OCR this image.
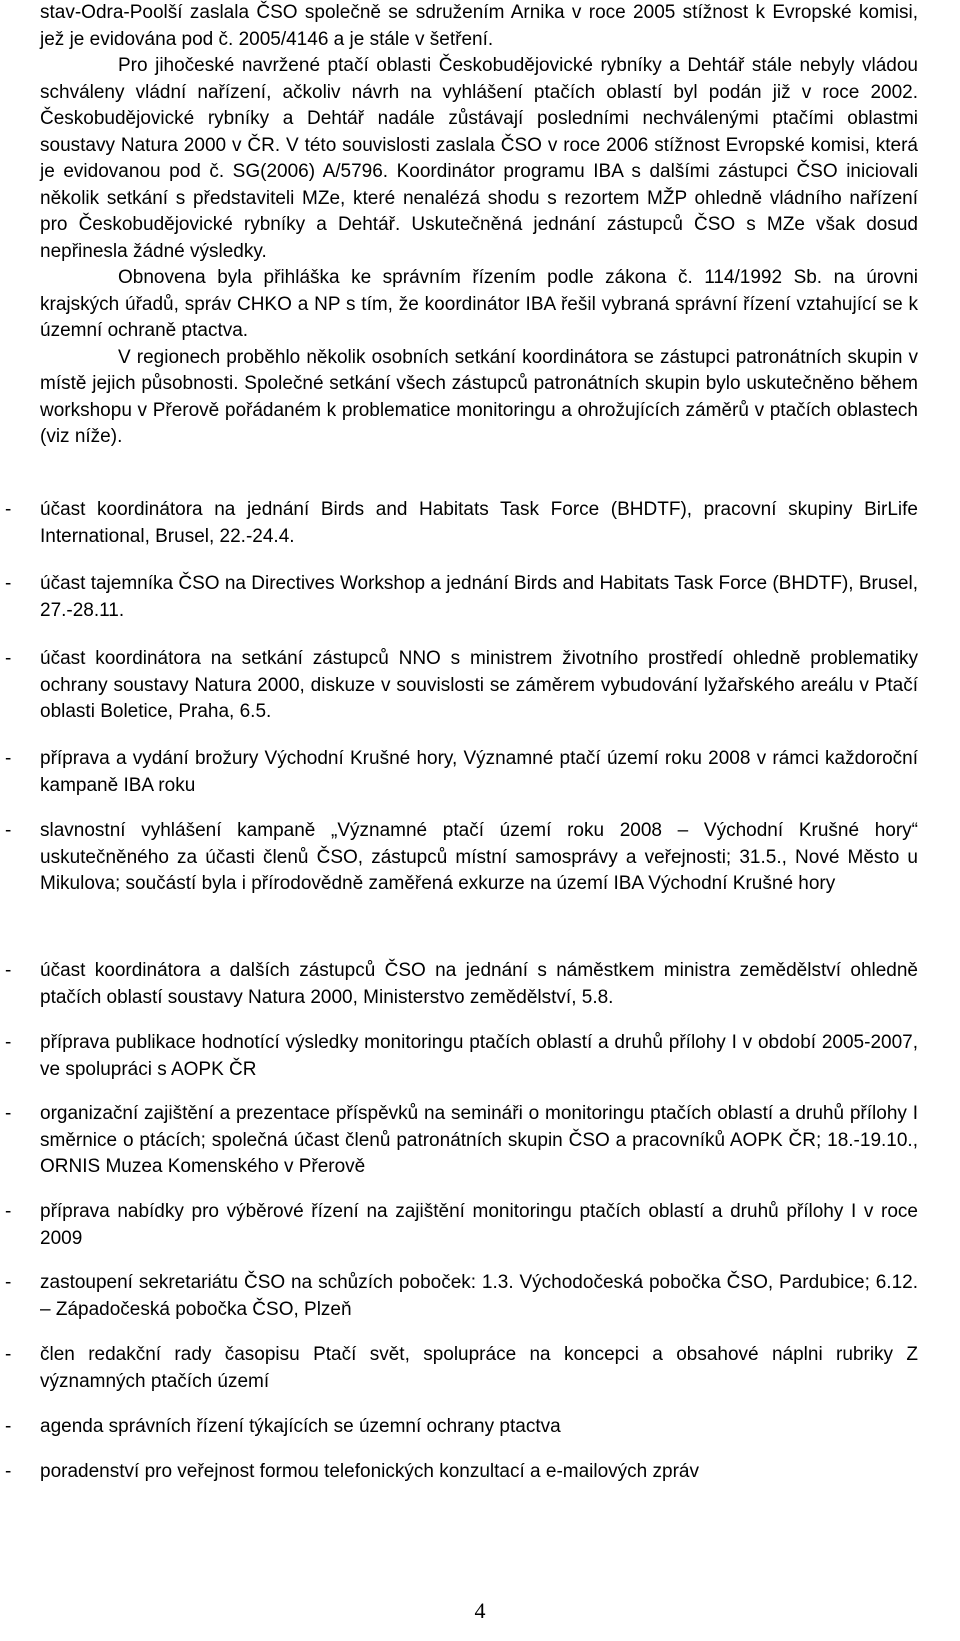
stav-Odra-Poolší zaslala ČSO společně se sdružením Arnika v roce 2005 stížnost k Evropské komisi, jež je evidována pod č. 2005/4146 a je stále v šetření.

Pro jihočeské navržené ptačí oblasti Českobudějovické rybníky a Dehtář stále nebyly vládou schváleny vládní nařízení, ačkoliv návrh na vyhlášení ptačích oblastí byl podán již v roce 2002. Českobudějovické rybníky a Dehtář nadále zůstávají posledními nechválenými ptačími oblastmi soustavy Natura 2000 v ČR. V této souvislosti zaslala ČSO v roce 2006 stížnost Evropské komisi, která je evidovanou pod č. SG(2006) A/5796. Koordinátor programu IBA s dalšími zástupci ČSO iniciovali několik setkání s představiteli MZe, které nenalézá shodu s rezortem MŽP ohledně vládního nařízení pro Českobudějovické rybníky a Dehtář. Uskutečněná jednání zástupců ČSO s MZe však dosud nepřinesla žádné výsledky.

Obnovena byla přihláška ke správním řízením podle zákona č. 114/1992 Sb. na úrovni krajských úřadů, správ CHKO a NP s tím, že koordinátor IBA řešil vybraná správní řízení vztahující se k územní ochraně ptactva.

V regionech proběhlo několik osobních setkání koordinátora se zástupci patronátních skupin v místě jejich působnosti. Společné setkání všech zástupců patronátních skupin bylo uskutečněno během workshopu v Přerově pořádaném k problematice monitoringu a ohrožujících záměrů v ptačích oblastech (viz níže).

-	účast koordinátora na jednání Birds and Habitats Task Force (BHDTF), pracovní skupiny BirLife International, Brusel, 22.-24.4.
-	účast tajemníka ČSO na Directives Workshop a jednání Birds and Habitats Task Force (BHDTF), Brusel, 27.-28.11.
-	účast koordinátora na setkání zástupců NNO s ministrem životního prostředí ohledně problematiky ochrany soustavy Natura 2000, diskuze v souvislosti se záměrem vybudování lyžařského areálu v Ptačí oblasti Boletice, Praha, 6.5.
-	příprava a vydání brožury Východní Krušné hory, Významné ptačí území roku 2008 v rámci každoroční kampaně IBA roku
-	slavnostní vyhlášení kampaně „Významné ptačí území roku 2008 – Východní Krušné hory“ uskutečněného za účasti členů ČSO, zástupců místní samosprávy a veřejnosti; 31.5., Nové Město u Mikulova; součástí byla i přírodovědně zaměřená exkurze na území IBA Východní Krušné hory
-	účast koordinátora a dalších zástupců ČSO na jednání s náměstkem ministra zemědělství ohledně ptačích oblastí soustavy Natura 2000, Ministerstvo zemědělství, 5.8.
-	příprava publikace hodnotící výsledky monitoringu ptačích oblastí a druhů přílohy I v období 2005-2007, ve spolupráci s AOPK ČR
-	organizační zajištění a prezentace příspěvků na semináři o monitoringu ptačích oblastí a druhů přílohy I směrnice o ptácích; společná účast členů patronátních skupin ČSO a pracovníků AOPK ČR; 18.-19.10., ORNIS Muzea Komenského v Přerově
-	příprava nabídky pro výběrové řízení na zajištění monitoringu ptačích oblastí a druhů přílohy I v roce 2009
-	zastoupení sekretariátu ČSO na schůzích poboček: 1.3. Východočeská pobočka ČSO, Pardubice; 6.12. – Západočeská pobočka ČSO, Plzeň
-	člen redakční rady časopisu Ptačí svět, spolupráce na koncepci a obsahové náplni rubriky Z významných ptačích území
-	agenda správních řízení týkajících se územní ochrany ptactva
-	poradenství pro veřejnost formou telefonických konzultací a e-mailových zpráv
4
